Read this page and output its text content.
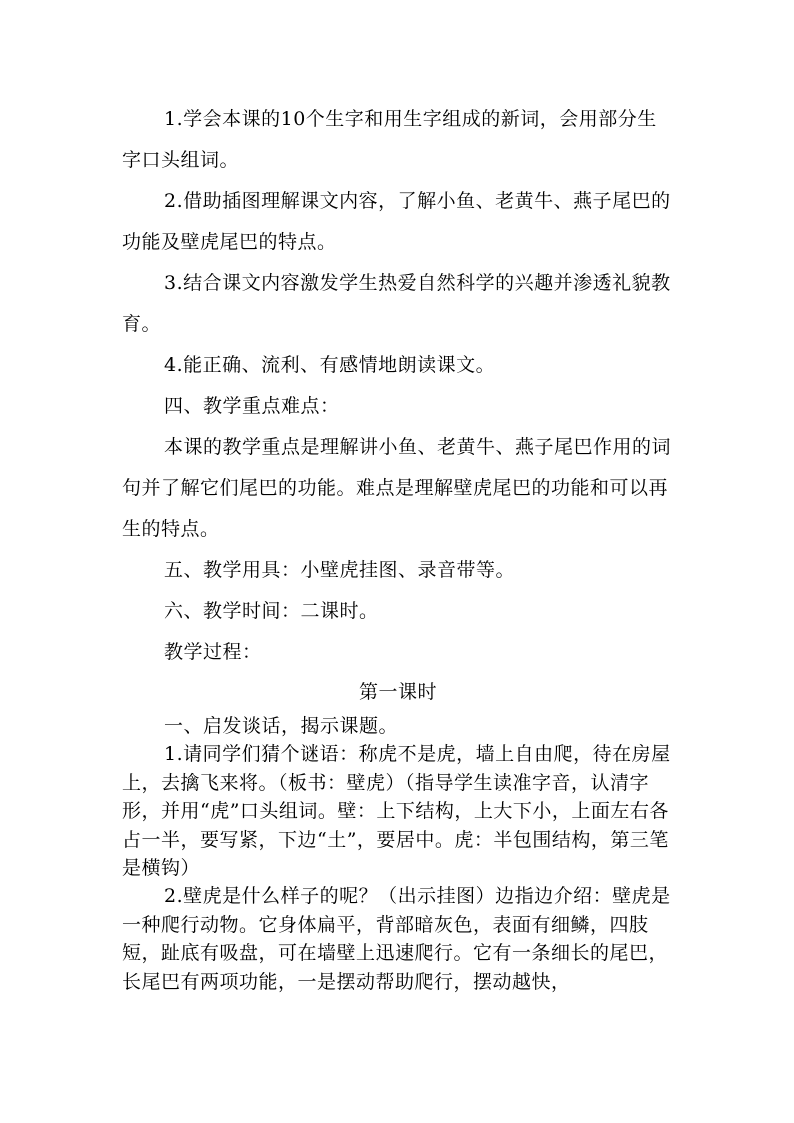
1.学会本课的10个生字和用生字组成的新词，会用部分生字口头组词。

2.借助插图理解课文内容，了解小鱼、老黄牛、燕子尾巴的功能及壁虎尾巴的特点。

3.结合课文内容激发学生热爱自然科学的兴趣并渗透礼貌教育。

4.能正确、流利、有感情地朗读课文。

四、教学重点难点：

本课的教学重点是理解讲小鱼、老黄牛、燕子尾巴作用的词句并了解它们尾巴的功能。难点是理解壁虎尾巴的功能和可以再生的特点。

五、教学用具：小壁虎挂图、录音带等。

六、教学时间：二课时。

教学过程：

第一课时

一、启发谈话，揭示课题。

1.请同学们猜个谜语：称虎不是虎，墙上自由爬，待在房屋上，去擒飞来将。（板书：壁虎）（指导学生读准字音，认清字形，并用“虎”口头组词。壁：上下结构，上大下小，上面左右各占一半，要写紧，下边“土”，要居中。虎：半包围结构，第三笔是横钩）

2.壁虎是什么样子的呢？（出示挂图）边指边介绍：壁虎是一种爬行动物。它身体扁平，背部暗灰色，表面有细鳞，四肢短，趾底有吸盘，可在墙壁上迅速爬行。它有一条细长的尾巴，长尾巴有两项功能，一是摆动帮助爬行，摆动越快，
